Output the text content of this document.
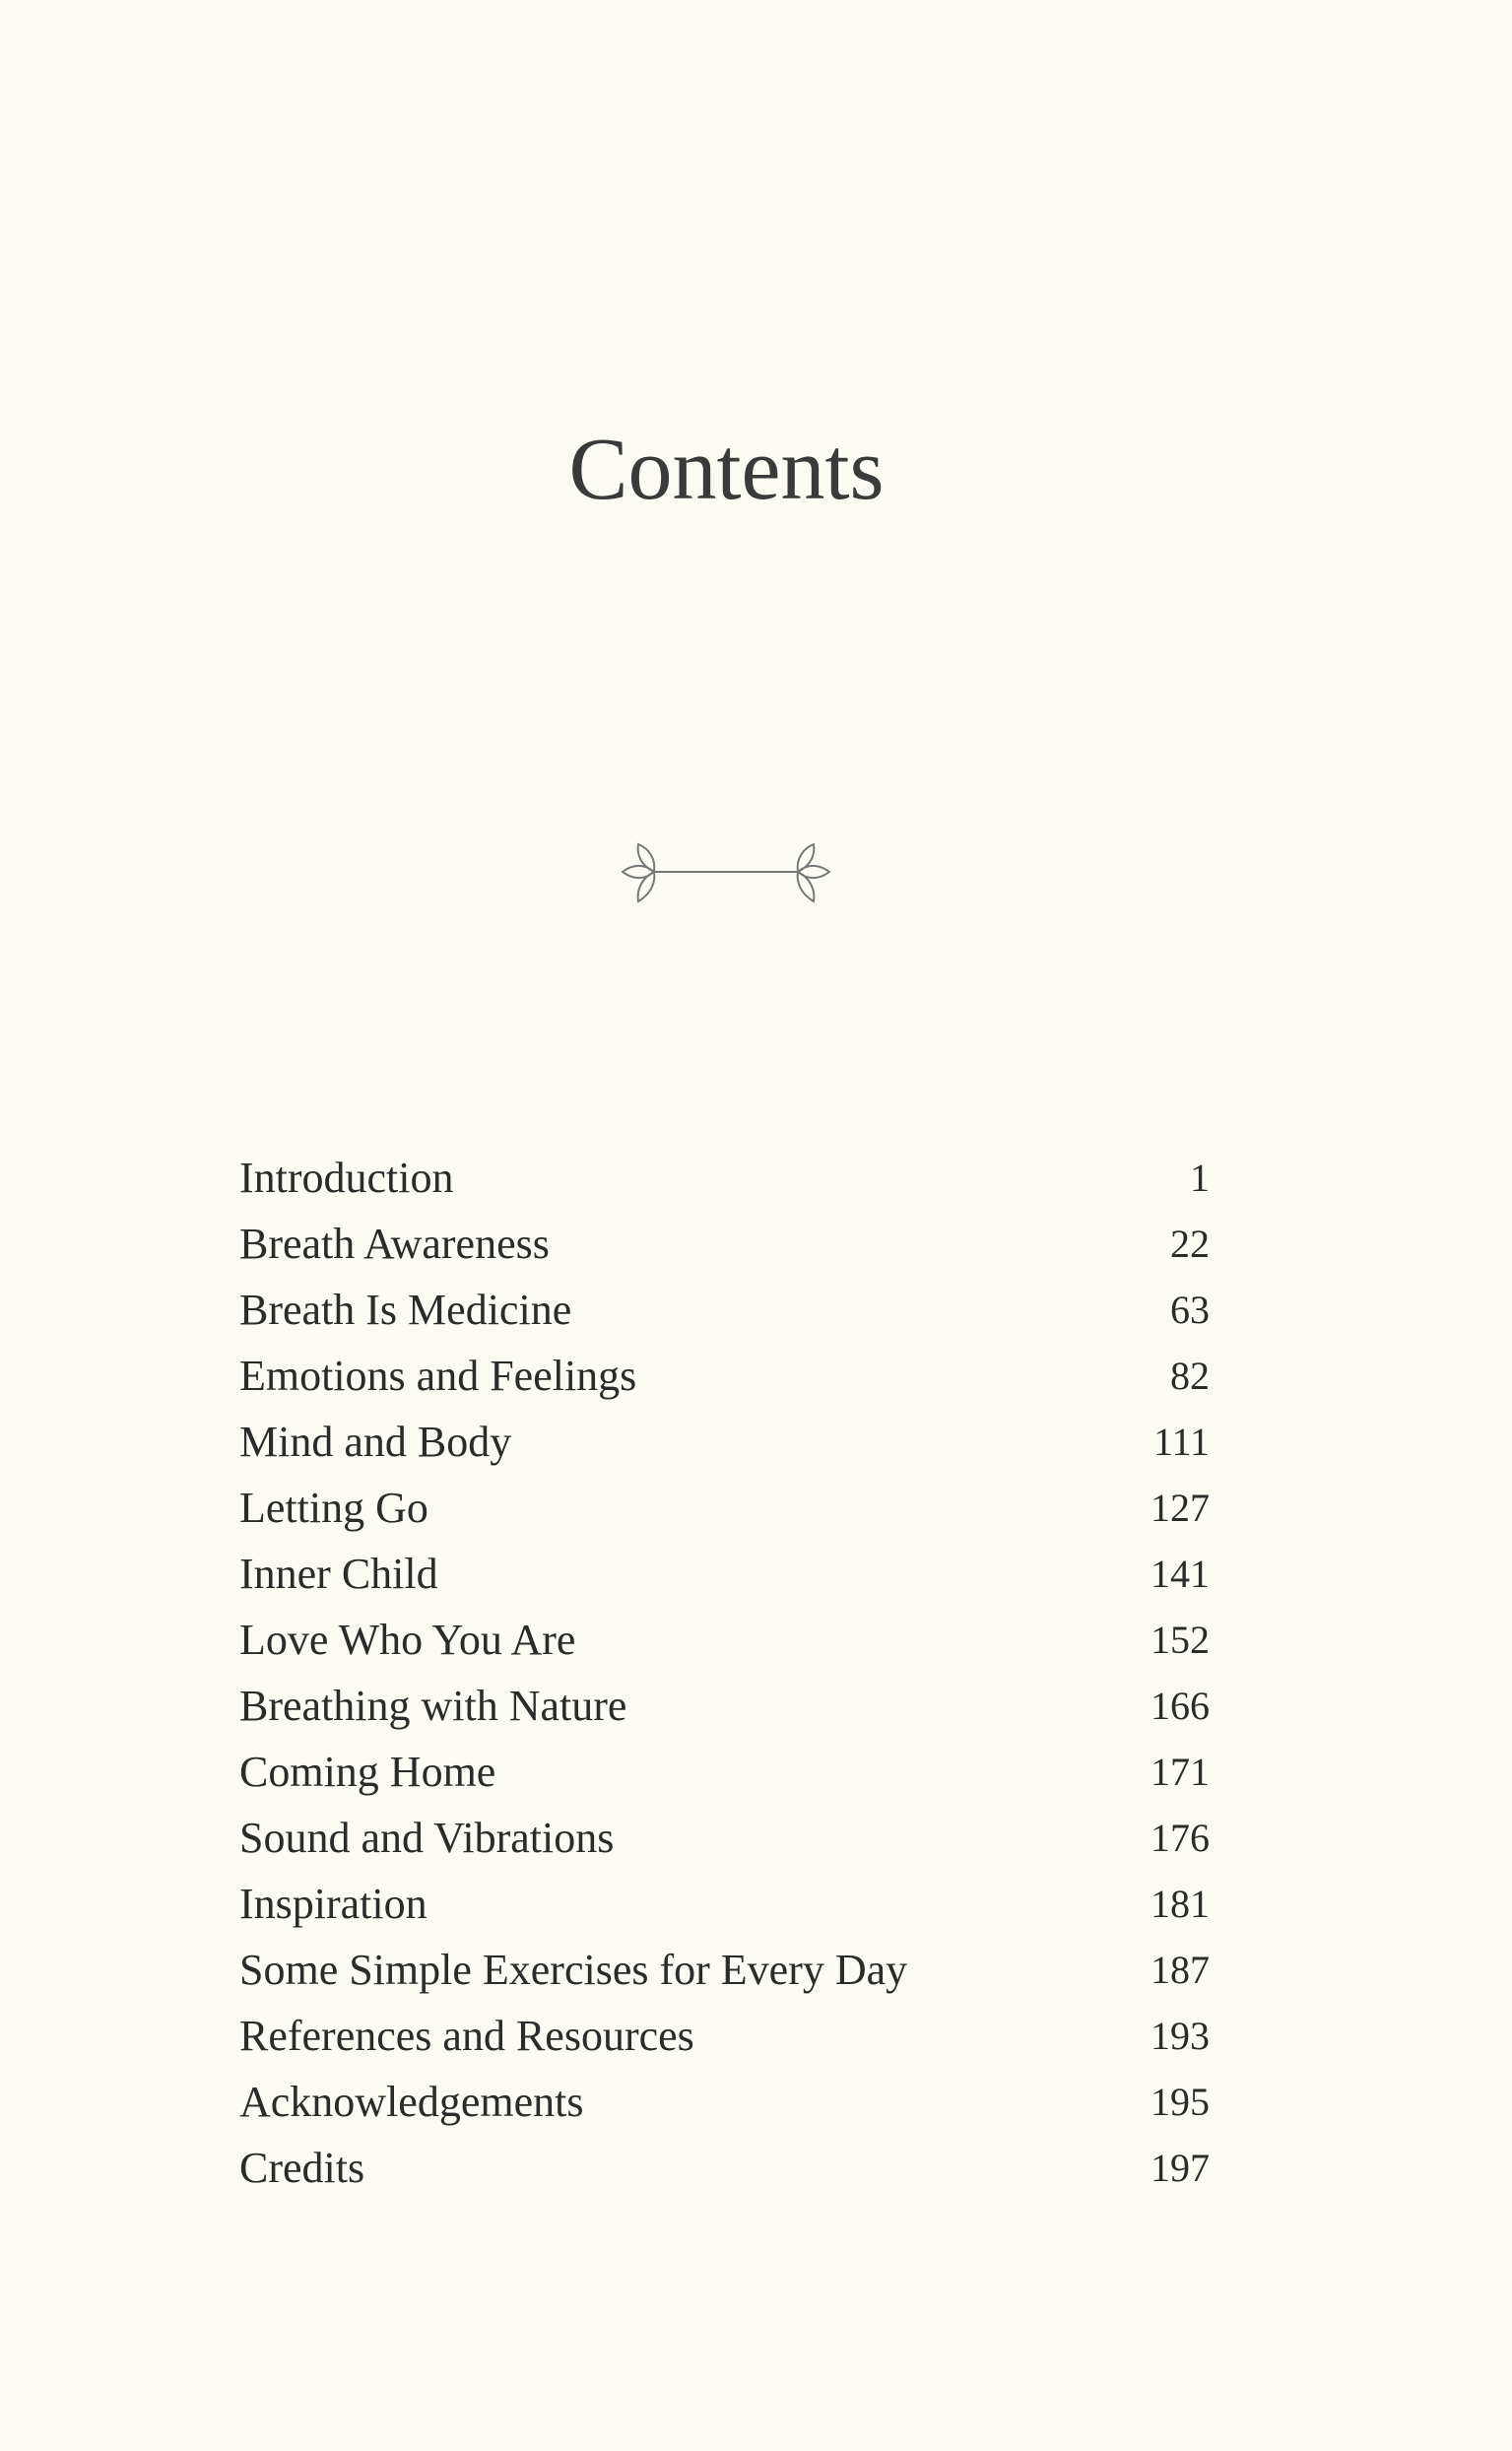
Contents
Introduction	1
Breath Awareness	22
Breath Is Medicine	63
Emotions and Feelings	82
Mind and Body	111
Letting Go	127
Inner Child	141
Love Who You Are	152
Breathing with Nature	166
Coming Home	171
Sound and Vibrations	176
Inspiration	181
Some Simple Exercises for Every Day	187
References and Resources	193
Acknowledgements	195
Credits	197
